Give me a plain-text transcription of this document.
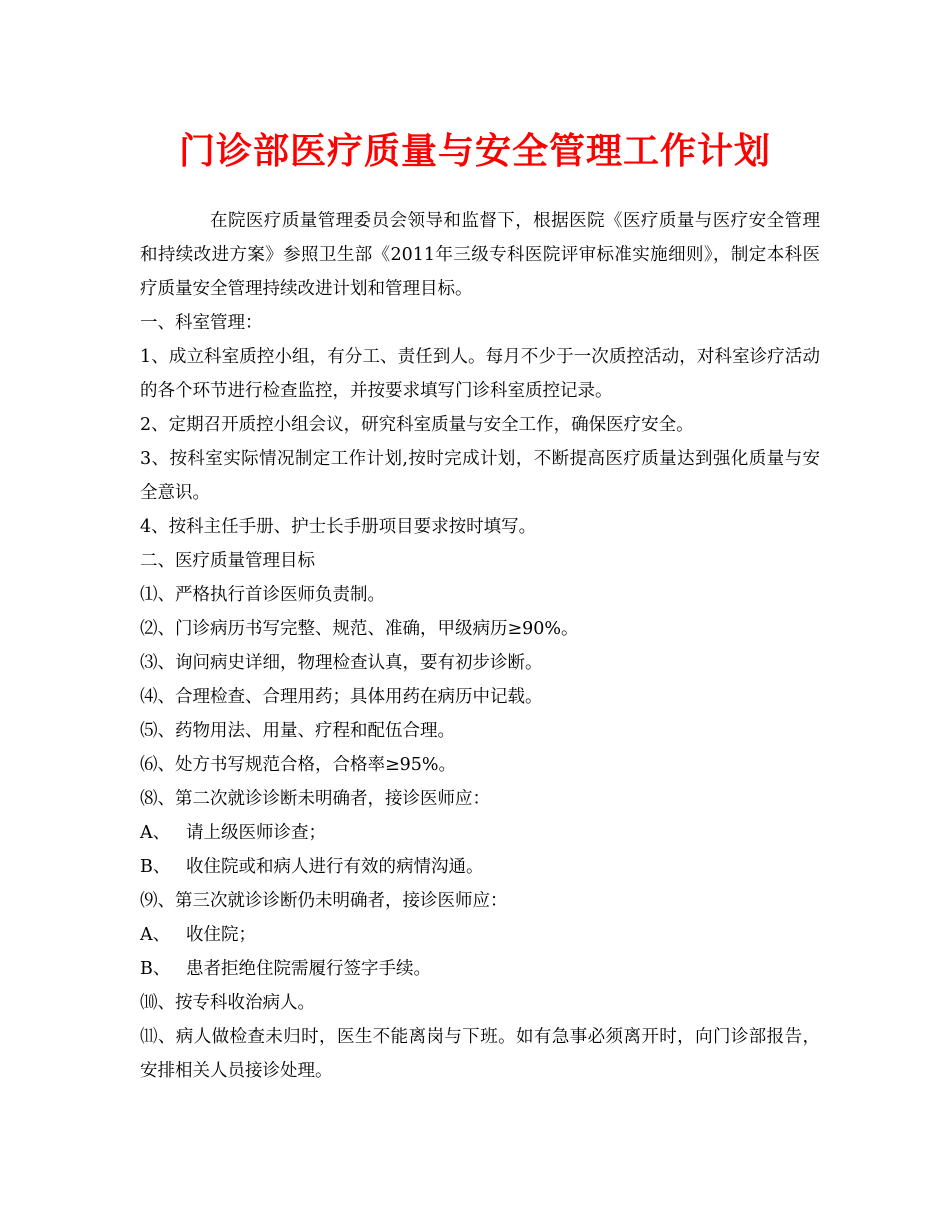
门诊部医疗质量与安全管理工作计划

在院医疗质量管理委员会领导和监督下，根据医院《医疗质量与医疗安全管理和持续改进方案》参照卫生部《2011年三级专科医院评审标准实施细则》，制定本科医疗质量安全管理持续改进计划和管理目标。

一、科室管理：

1、成立科室质控小组，有分工、责任到人。每月不少于一次质控活动，对科室诊疗活动的各个环节进行检查监控，并按要求填写门诊科室质控记录。

2、定期召开质控小组会议，研究科室质量与安全工作，确保医疗安全。

3、按科室实际情况制定工作计划,按时完成计划，不断提高医疗质量达到强化质量与安全意识。

4、按科主任手册、护士长手册项目要求按时填写。

二、医疗质量管理目标

⑴、严格执行首诊医师负责制。

⑵、门诊病历书写完整、规范、准确，甲级病历≥90%。

⑶、询问病史详细，物理检查认真，要有初步诊断。

⑷、合理检查、合理用药；具体用药在病历中记载。

⑸、药物用法、用量、疗程和配伍合理。

⑹、处方书写规范合格，合格率≥95%。

⑻、第二次就诊诊断未明确者，接诊医师应：

A、 请上级医师诊查；

B、 收住院或和病人进行有效的病情沟通。

⑼、第三次就诊诊断仍未明确者，接诊医师应：

A、 收住院；

B、 患者拒绝住院需履行签字手续。

⑽、按专科收治病人。

⑾、病人做检查未归时，医生不能离岗与下班。如有急事必须离开时，向门诊部报告，安排相关人员接诊处理。
